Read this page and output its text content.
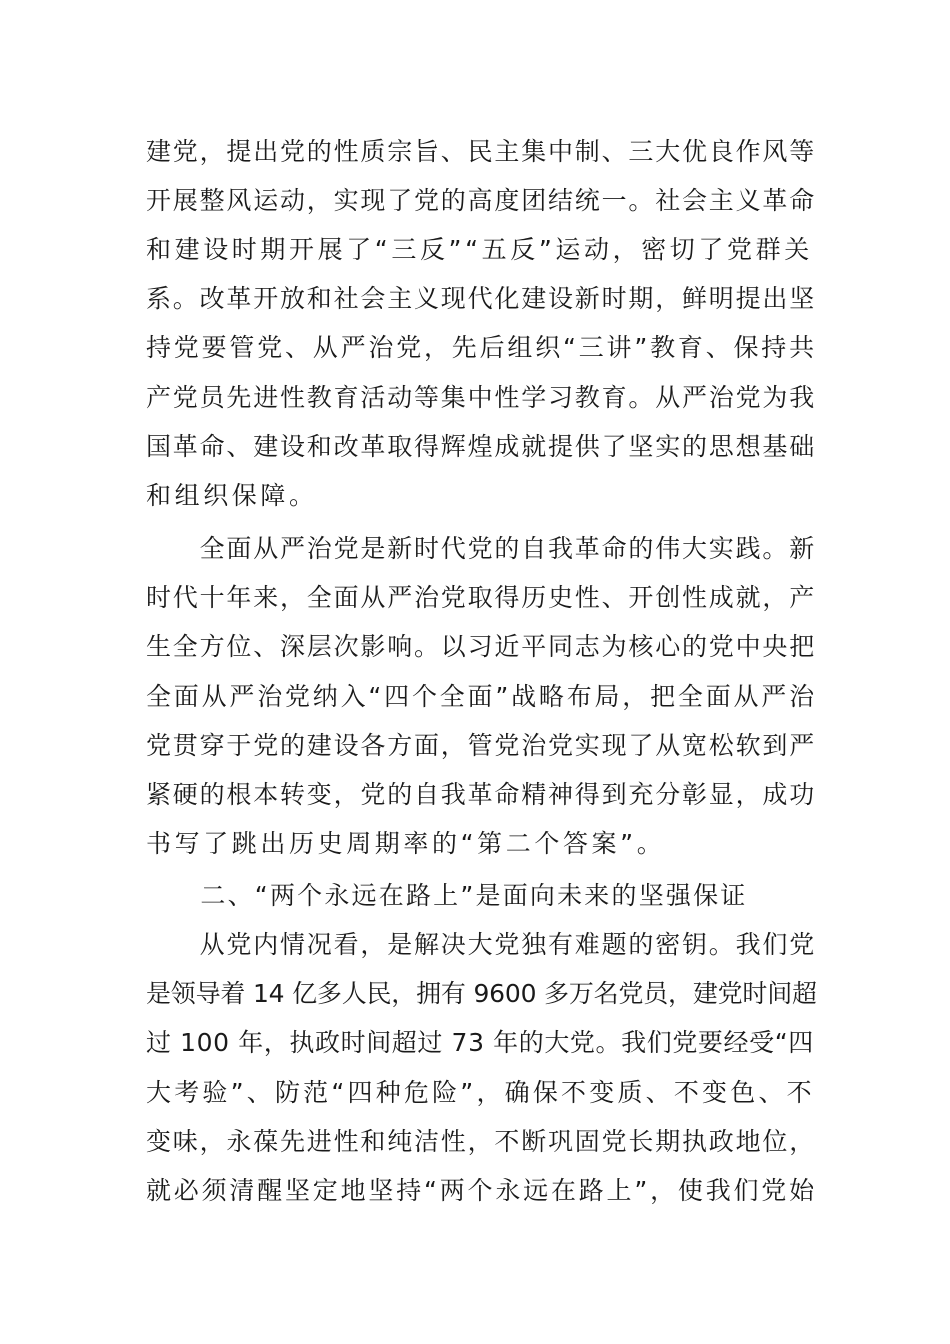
建党，提出党的性质宗旨、民主集中制、三大优良作风等
开展整风运动，实现了党的高度团结统一。社会主义革命
和建设时期开展了“三反”“五反”运动，密切了党群关
系。改革开放和社会主义现代化建设新时期，鲜明提出坚
持党要管党、从严治党，先后组织“三讲”教育、保持共
产党员先进性教育活动等集中性学习教育。从严治党为我
国革命、建设和改革取得辉煌成就提供了坚实的思想基础
和组织保障。
　　全面从严治党是新时代党的自我革命的伟大实践。新
时代十年来，全面从严治党取得历史性、开创性成就，产
生全方位、深层次影响。以习近平同志为核心的党中央把
全面从严治党纳入“四个全面”战略布局，把全面从严治
党贯穿于党的建设各方面，管党治党实现了从宽松软到严
紧硬的根本转变，党的自我革命精神得到充分彰显，成功
书写了跳出历史周期率的“第二个答案”。
　　二、“两个永远在路上”是面向未来的坚强保证
　　从党内情况看，是解决大党独有难题的密钥。我们党
是领导着 14 亿多人民，拥有 9600 多万名党员，建党时间超
过 100 年，执政时间超过 73 年的大党。我们党要经受“四
大考验”、防范“四种危险”，确保不变质、不变色、不
变味，永葆先进性和纯洁性，不断巩固党长期执政地位，
就必须清醒坚定地坚持“两个永远在路上”，使我们党始
